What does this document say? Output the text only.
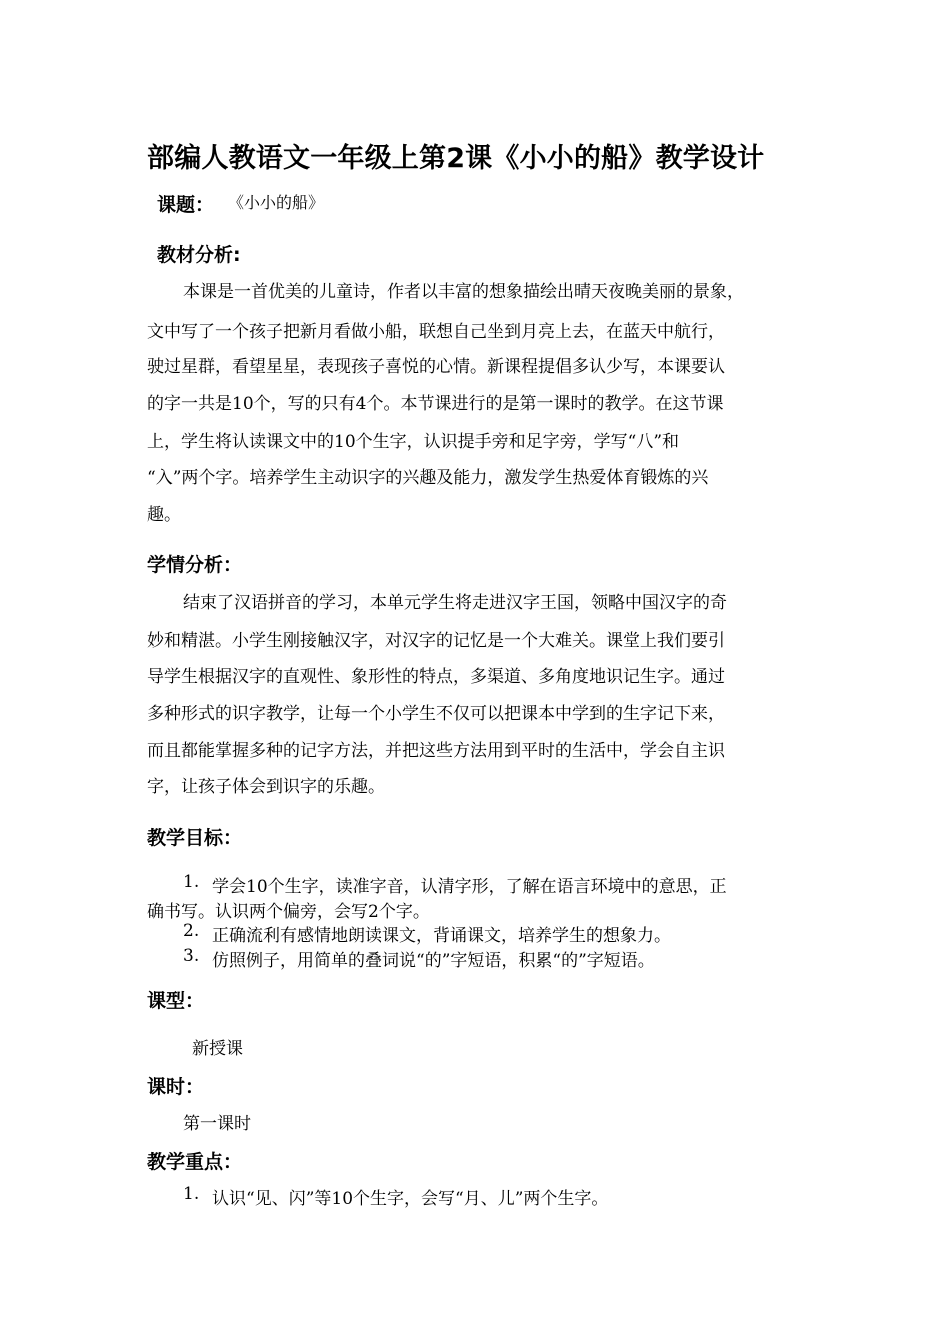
部编人教语文一年级上第2课《小小的船》教学设计
课题： 《小小的船》
教材分析:
本课是一首优美的儿童诗，作者以丰富的想象描绘出晴天夜晚美丽的景象，
文中写了一个孩子把新月看做小船，联想自己坐到月亮上去，在蓝天中航行，
驶过星群，看望星星，表现孩子喜悦的心情。新课程提倡多认少写，本课要认
的字一共是10个，写的只有4个。本节课进行的是第一课时的教学。在这节课
上，学生将认读课文中的10个生字，认识提手旁和足字旁，学写“八”和
“入”两个字。培养学生主动识字的兴趣及能力，激发学生热爱体育锻炼的兴
趣。
学情分析：
结束了汉语拼音的学习，本单元学生将走进汉字王国，领略中国汉字的奇
妙和精湛。小学生刚接触汉字，对汉字的记忆是一个大难关。课堂上我们要引
导学生根据汉字的直观性、象形性的特点，多渠道、多角度地识记生字。通过
多种形式的识字教学，让每一个小学生不仅可以把课本中学到的生字记下来，
而且都能掌握多种的记字方法，并把这些方法用到平时的生活中，学会自主识
字，让孩子体会到识字的乐趣。
教学目标：
1. 学会10个生字，读准字音，认清字形，了解在语言环境中的意思，正
确书写。认识两个偏旁，会写2个字。
2. 正确流利有感情地朗读课文，背诵课文，培养学生的想象力。
3. 仿照例子，用简单的叠词说“的”字短语，积累“的”字短语。
课型：
新授课
课时：
第一课时
教学重点：
1. 认识“见、闪”等10个生字，会写“月、儿”两个生字。
